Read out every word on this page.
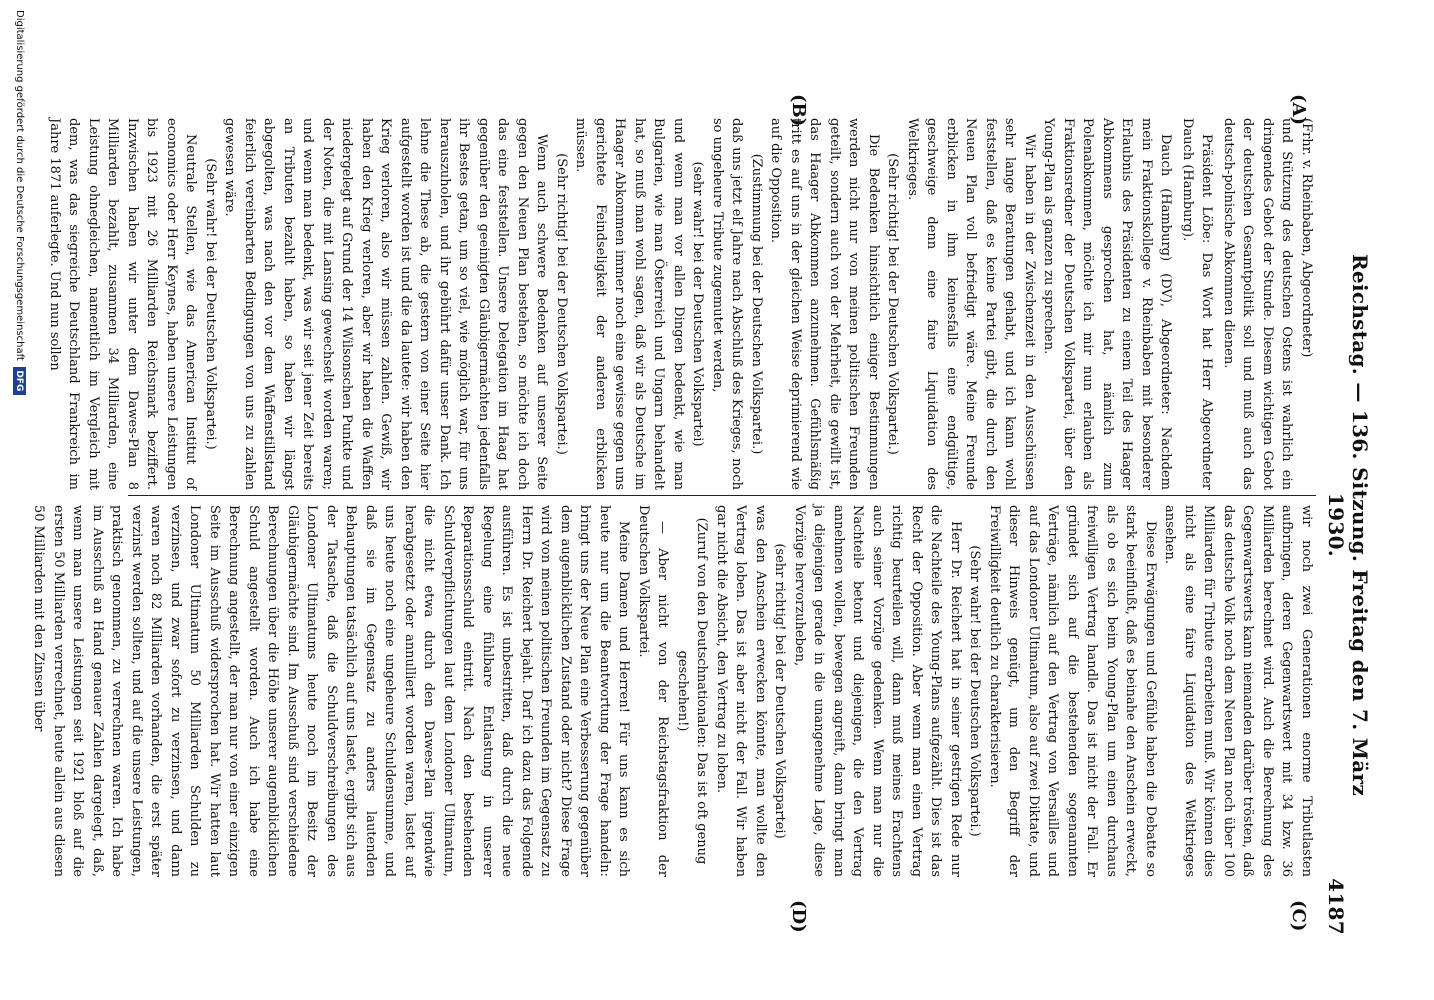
Reichstag. — 136. Sitzung. Freitag den 7. März 1930.
4187
(A)
(B)
(C)
(D)

(Frhr. v. Rheinbaben, Abgeordneter)

und Stützung des deutschen Ostens ist wahrlich ein dringendes Gebot der Stunde. Diesem wichtigen Gebot der deutschen Gesamtpolitik soll und muß auch das deutsch-polnische Abkommen dienen.

Präsident Löbe: Das Wort hat Herr Abgeordneter Dauch (Hamburg).

Dauch (Hamburg) (DV), Abgeordneter: Nachdem mein Fraktionskollege v. Rheinbaben mit besonderer Erlaubnis des Präsidenten zu einem Teil des Haager Abkommens gesprochen hat, nämlich zum Polenabkommen, möchte ich mir nun erlauben als Fraktionsredner der Deutschen Volkspartei, über den Young-Plan als ganzen zu sprechen.

Wir haben in der Zwischenzeit in den Ausschüssen sehr lange Beratungen gehabt, und ich kann wohl feststellen, daß es keine Partei gibt, die durch den Neuen Plan voll befriedigt wäre. Meine Freunde erblicken in ihm keinesfalls eine endgültige, geschweige denn eine faire Liquidation des Weltkrieges.

(Sehr richtig! bei der Deutschen Volkspartei.)

Die Bedenken hinsichtlich einiger Bestimmungen werden nicht nur von meinen politischen Freunden geteilt, sondern auch von der Mehrheit, die gewillt ist, das Haager Abkommen anzunehmen. Gefühlsmäßig tritt es auf uns in der gleichen Weise deprimierend wie auf die Opposition.

(Zustimmung bei der Deutschen Volkspartei.)

daß uns jetzt elf Jahre nach Abschluß des Krieges, noch so ungeheure Tribute zugemutet werden,

(sehr wahr! bei der Deutschen Volkspartei)

und wenn man vor allen Dingen bedenkt, wie man Bulgarien, wie man Österreich und Ungarn behandelt hat, so muß man wohl sagen, daß wir als Deutsche im Haager Abkommen immer noch eine gewisse gegen uns gerichtete Feindseligkeit der anderen erblicken müssen.

(Sehr richtig! bei der Deutschen Volkspartei.)

Wenn auch schwere Bedenken auf unserer Seite gegen den Neuen Plan bestehen, so möchte ich doch das eine feststellen. Unsere Delegation im Haag hat gegenüber den geeinigten Gläubigermächten jedenfalls ihr Bestes getan, um so viel, wie möglich war, für uns herauszuholen, und ihr gebührt dafür unser Dank. Ich lehne die These ab, die gestern von einer Seite hier aufgestellt worden ist und die da lautete: wir haben den Krieg verloren, also wir müssen zahlen. Gewiß, wir haben den Krieg verloren, aber wir haben die Waffen niedergelegt auf Grund der 14 Wilsonschen Punkte und der Noten, die mit Lansing gewechselt worden waren; und wenn man bedenkt, was wir seit jener Zeit bereits an Tributen bezahlt haben, so haben wir längst abgegolten, was nach den vor dem Waffenstillstand feierlich vereinbarten Bedingungen von uns zu zahlen gewesen wäre.

(Sehr wahr! bei der Deutschen Volkspartei.)

Neutrale Stellen, wie das American Institut of economics oder Herr Keynes, haben unsere Leistungen bis 1923 mit 26 Milliarden Reichsmark beziffert. Inzwischen haben wir unter dem Dawes-Plan 8 Milliarden bezahlt, zusammen 34 Milliarden, eine Leistung ohnegleichen, namentlich im Vergleich mit dem, was das siegreiche Deutschland Frankreich im Jahre 1871 auferlegte. Und nun sollen

wir noch zwei Generationen enorme Tributlasten aufbringen, deren Gegenwartswert mit 34 bzw. 36 Milliarden berechnet wird. Auch die Berechnung des Gegenwartswerts kann niemanden darüber trösten, daß das deutsche Volk noch dem Neuen Plan noch über 100 Milliarden für Tribute erarbeiten muß. Wir können dies nicht als eine faire Liquidation des Weltkrieges ansehen.

Diese Erwägungen und Gefühle haben die Debatte so stark beeinflußt, daß es beinahe den Anschein erweckt, als ob es sich beim Young-Plan um einen durchaus freiwilligen Vertrag handle. Das ist nicht der Fall. Er gründet sich auf die bestehenden sogenannten Verträge, nämlich auf den Vertrag von Versailles und auf das Londoner Ultimatum, also auf zwei Diktate, und dieser Hinweis genügt, um den Begriff der Freiwilligkeit deutlich zu charakterisieren.

(Sehr wahr! bei der Deutschen Volkspartei.)

Herr Dr. Reichert hat in seiner gestrigen Rede nur die Nachteile des Young-Plans aufgezählt. Dies ist das Recht der Opposition. Aber wenn man einen Vertrag richtig beurteilen will, dann muß meines Erachtens auch seiner Vorzüge gedenken. Wenn man nur die Nachteile betont und diejenigen, die den Vertrag annehmen wollen, bewegen angreift, dann bringt man ja diejenigen gerade in die unangenehme Lage, diese Vorzüge hervorzuheben,

(sehr richtig! bei der Deutschen Volkspartei)

was den Anschein erwecken könnte, man wollte den Vertrag loben. Das ist aber nicht der Fall. Wir haben gar nicht die Absicht, den Vertrag zu loben.

(Zuruf von den Deutschnationalen: Das ist oft genug geschehen!)

— Aber nicht von der Reichstagsfraktion der Deutschen Volkspartei.

Meine Damen und Herren! Für uns kann es sich heute nur um die Beantwortung der Frage handeln: bringt uns der Neue Plan eine Verbesserung gegenüber dem augenblicklichen Zustand oder nicht? Diese Frage wird von meinen politischen Freunden im Gegensatz zu Herrn Dr. Reichert bejaht. Darf ich dazu das Folgende ausführen. Es ist unbestritten, daß durch die neue Regelung eine fühlbare Entlastung in unserer Reparationsschuld eintritt. Nach den bestehenden Schuldverpflichtungen laut dem Londoner Ultimatum, die nicht etwa durch den Dawes-Plan irgendwie herabgesetzt oder annulliert worden waren, lastet auf uns heute noch eine ungeheure Schuldensumme, und daß sie im Gegensatz zu anders lautenden Behauptungen tatsächlich auf uns lastet, ergibt sich aus der Tatsache, daß die Schuldverschreibungen des Londoner Ultimatums heute noch im Besitz der Gläubigermächte sind. Im Ausschuß sind verschiedene Berechnungen über die Höhe unserer augenblicklichen Schuld angestellt worden. Auch ich habe eine Berechnung angestellt, der man nur von einer einzigen Seite im Ausschuß widersprochen hat. Wir hatten laut Londoner Ultimatum 50 Milliarden Schulden zu verzinsen, und zwar sofort zu verzinsen, und dann waren noch 82 Milliarden vorhanden, die erst später verzinst werden sollten, und auf die unsere Leistungen, praktisch genommen, zu verrechnen waren. Ich habe im Ausschuß an Hand genauer Zahlen dargelegt, daß, wenn man unsere Leistungen seit 1921 bloß auf die ersten 50 Milliarden verrechnet, heute allein aus diesen 50 Milliarden mit den Zinsen über

Digitalisierung gefördert durch die Deutsche Forschungsgemeinschaft
DFG
